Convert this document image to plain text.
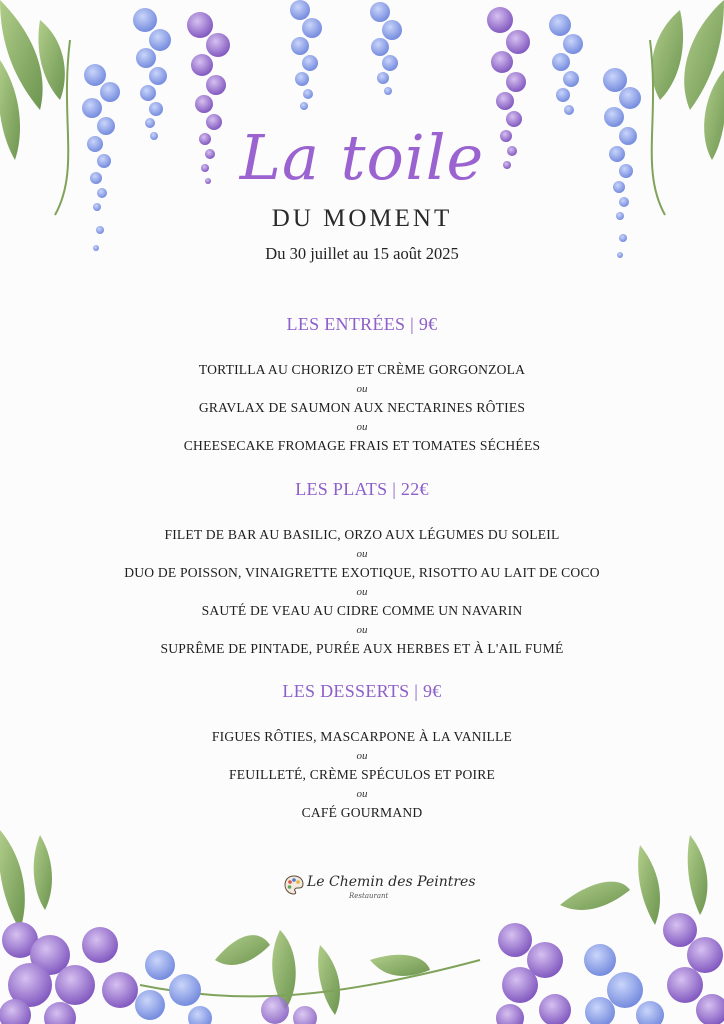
La toile
DU MOMENT
Du 30 juillet au 15 août 2025
LES ENTRÉES | 9€
TORTILLA AU CHORIZO ET CRÈME GORGONZOLA
ou
GRAVLAX DE SAUMON AUX NECTARINES RÔTIES
ou
CHEESECAKE FROMAGE FRAIS ET TOMATES SÉCHÉES
LES PLATS | 22€
FILET DE BAR AU BASILIC, ORZO AUX LÉGUMES DU SOLEIL
ou
DUO DE POISSON, VINAIGRETTE EXOTIQUE, RISOTTO AU LAIT DE COCO
ou
SAUTÉ DE VEAU AU CIDRE COMME UN NAVARIN
ou
SUPRÊME DE PINTADE, PURÉE AUX HERBES ET À L'AIL FUMÉ
LES DESSERTS | 9€
FIGUES RÔTIES, MASCARPONE À LA VANILLE
ou
FEUILLETÉ, CRÈME SPÉCULOS ET POIRE
ou
CAFÉ GOURMAND
Le Chemin des Peintres
Restaurant
